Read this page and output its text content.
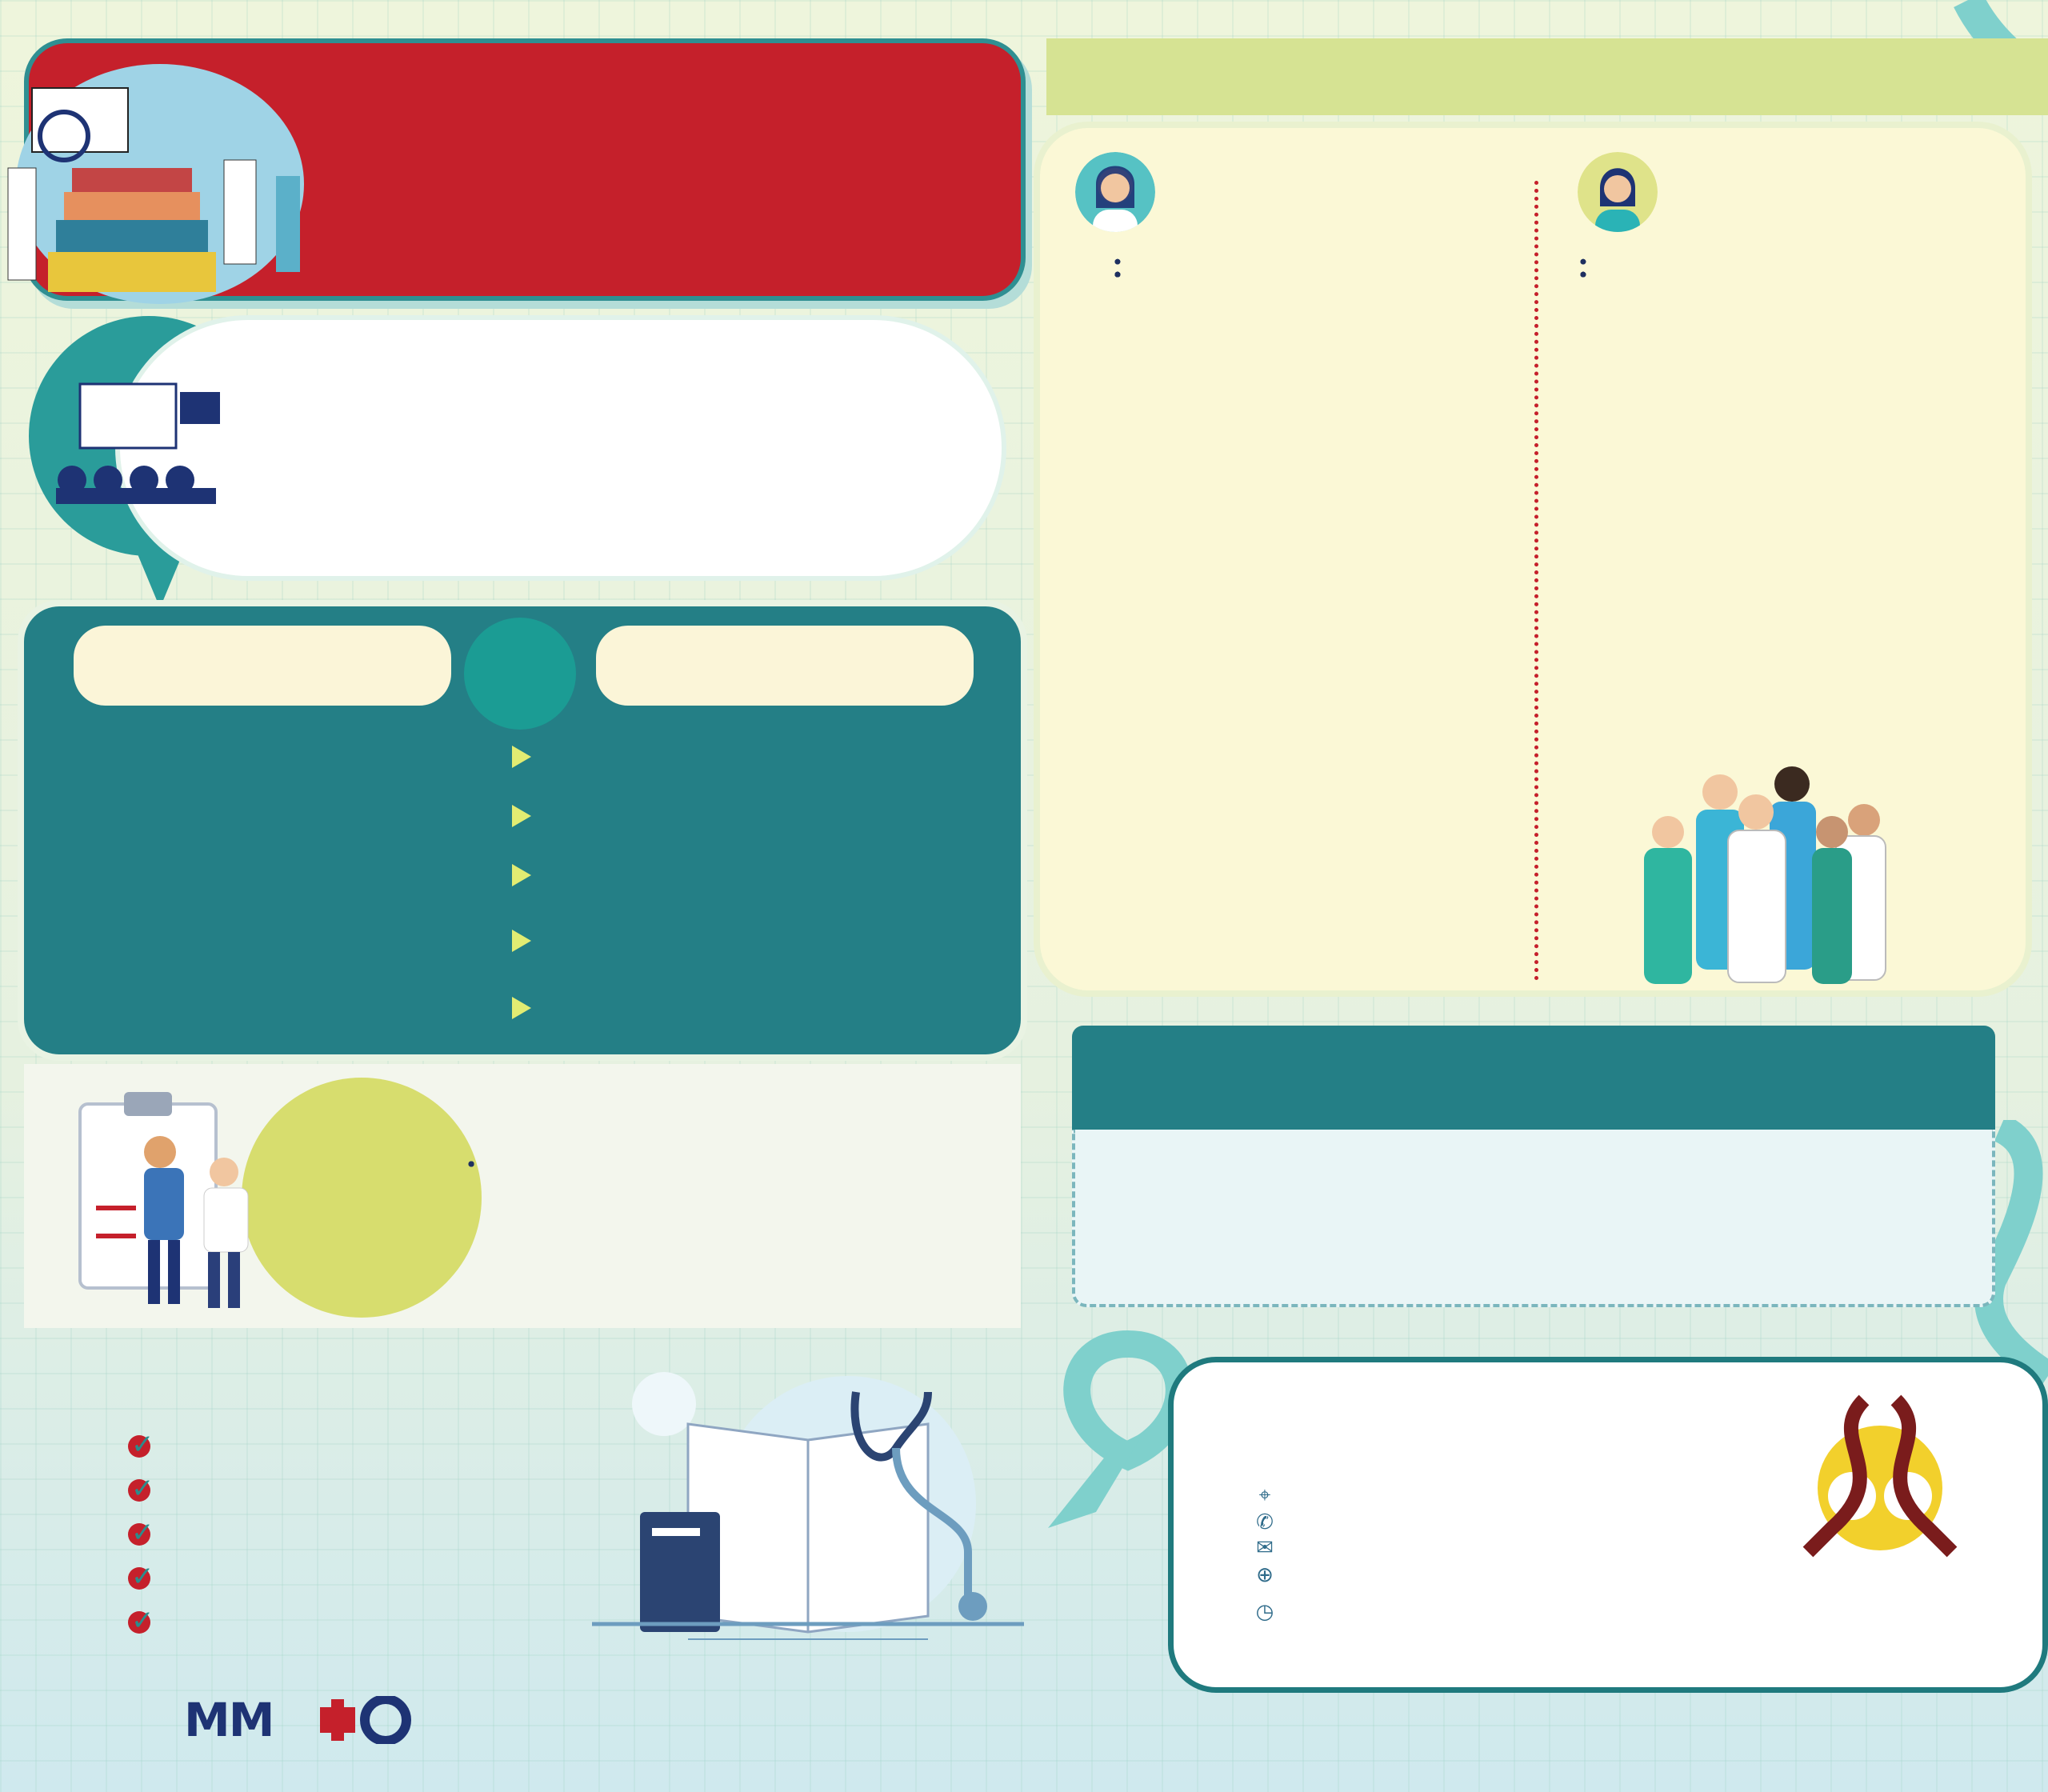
✓
✓
✓
✓
✓
⌖
✆
✉
⊕
◷
MM
